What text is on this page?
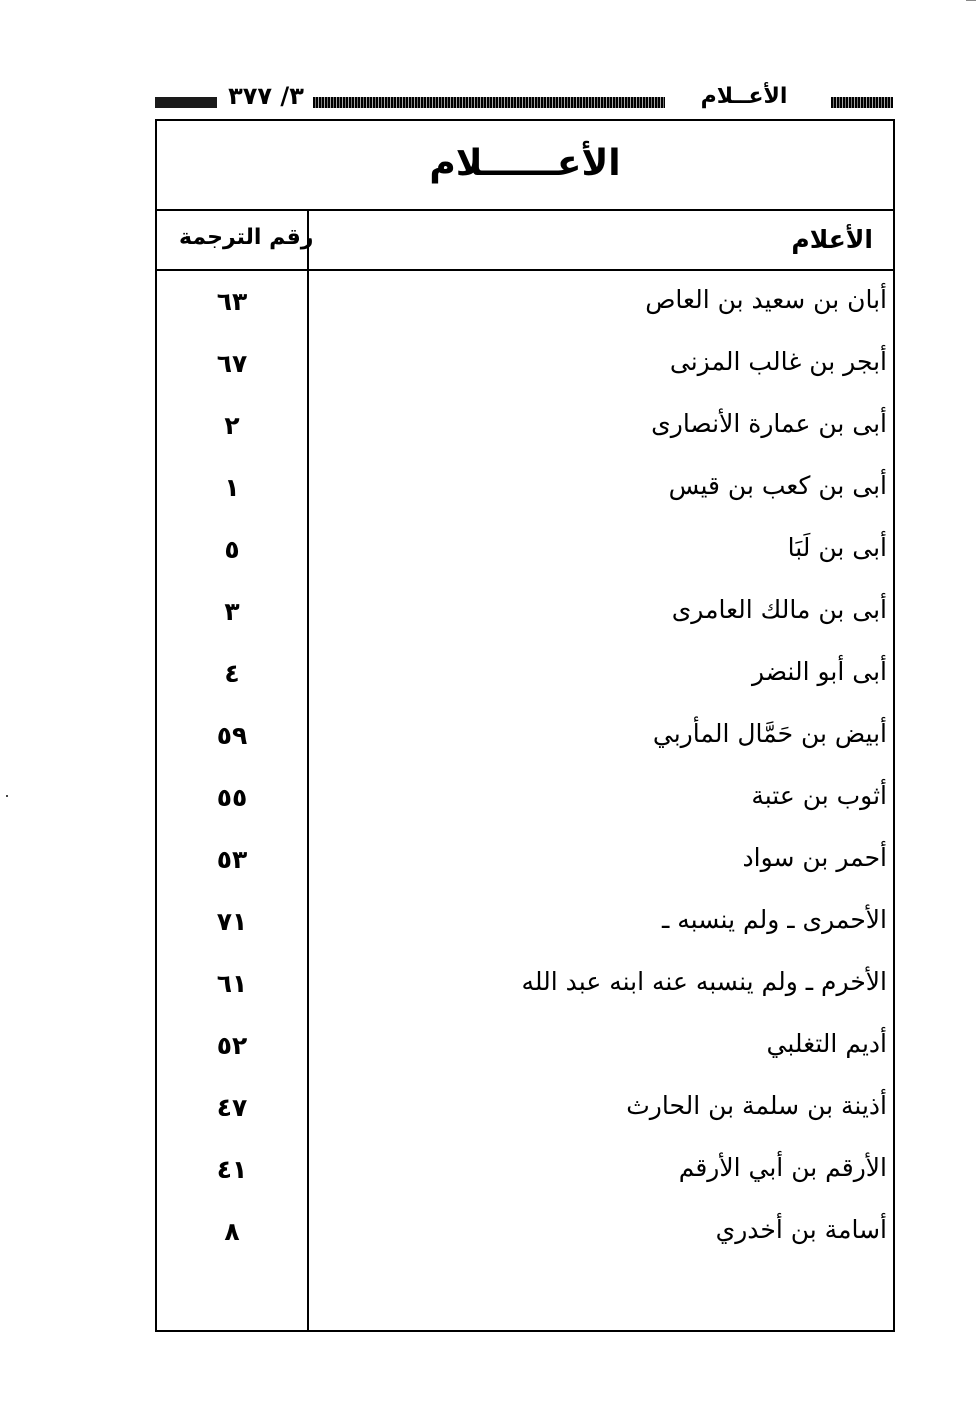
٣/ ٣٧٧	الأعــلام
الأعــــــلام
الأعلام
رقم الترجمة
أبان بن سعيد بن العاص
٦٣
أبجر بن غالب المزنى
٦٧
أبى بن عمارة الأنصارى
٢
أبى بن كعب بن قيس
١
أبى بن لَبَا
٥
أبى بن مالك العامرى
٣
أبى أبو النضر
٤
أبيض بن حَمَّال المأربي
٥٩
أثوب بن عتبة
٥٥
أحمر بن سواد
٥٣
الأحمرى ـ ولم ينسبه ـ
٧١
الأخرم ـ ولم ينسبه عنه ابنه عبد الله
٦١
أديم التغلبي
٥٢
أذينة بن سلمة بن الحارث
٤٧
الأرقم بن أبي الأرقم
٤١
أسامة بن أخدري
٨
